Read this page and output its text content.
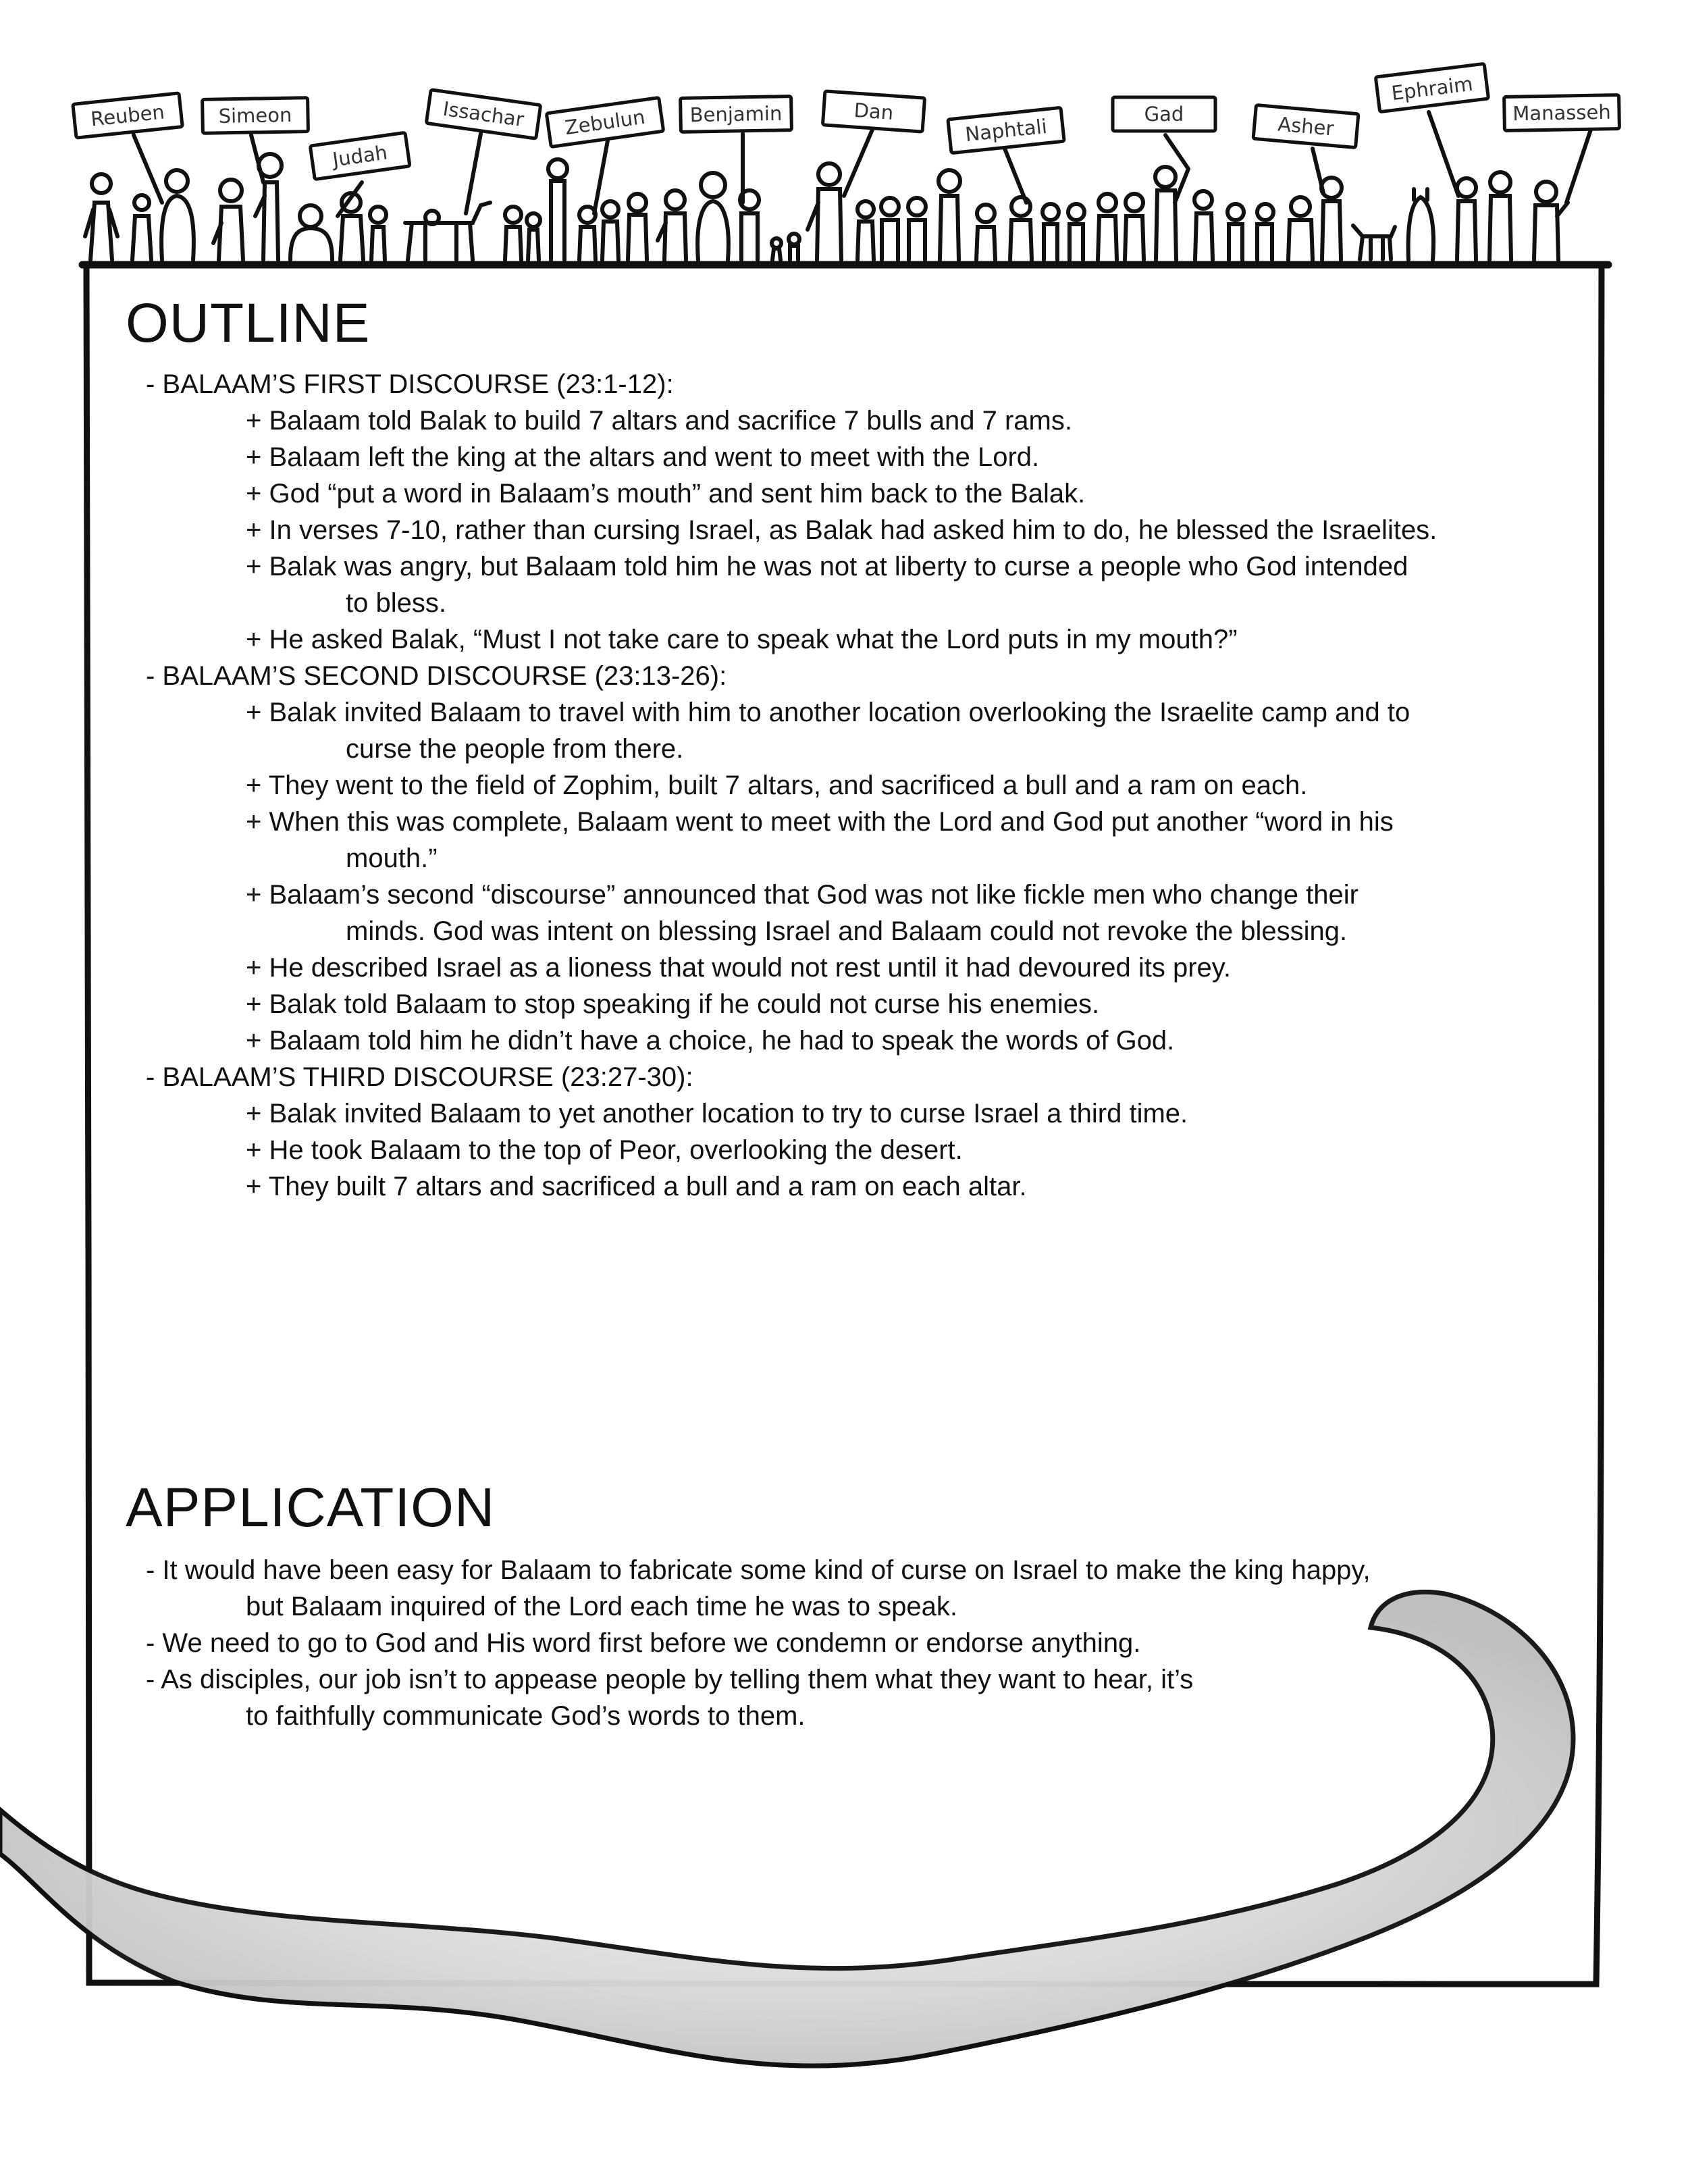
Reuben	Simeon
Judah
Issachar Zebulun Benjamin	Dan
Naphtali
Gad	Asher
Ephraim
Manasseh
OUTLINE
- BALAAM’S FIRST DISCOURSE (23:1-12):
+ Balaam told Balak to build 7 altars and sacrifice 7 bulls and 7 rams.
+ Balaam left the king at the altars and went to meet with the Lord.
+ God “put a word in Balaam’s mouth” and sent him back to the Balak.
+ In verses 7-10, rather than cursing Israel, as Balak had asked him to do, he blessed the Israelites.
+ Balak was angry, but Balaam told him he was not at liberty to curse a people who God intended
to bless.
+ He asked Balak, “Must I not take care to speak what the Lord puts in my mouth?”
- BALAAM’S SECOND DISCOURSE (23:13-26):
+ Balak invited Balaam to travel with him to another location overlooking the Israelite camp and to
curse the people from there.
+ They went to the field of Zophim, built 7 altars, and sacrificed a bull and a ram on each.
+ When this was complete, Balaam went to meet with the Lord and God put another “word in his
mouth.”
+ Balaam’s second “discourse” announced that God was not like fickle men who change their
minds. God was intent on blessing Israel and Balaam could not revoke the blessing.
+ He described Israel as a lioness that would not rest until it had devoured its prey.
+ Balak told Balaam to stop speaking if he could not curse his enemies.
+ Balaam told him he didn’t have a choice, he had to speak the words of God.
- BALAAM’S THIRD DISCOURSE (23:27-30):
+ Balak invited Balaam to yet another location to try to curse Israel a third time.
+ He took Balaam to the top of Peor, overlooking the desert.
+ They built 7 altars and sacrificed a bull and a ram on each altar.
APPLICATION
- It would have been easy for Balaam to fabricate some kind of curse on Israel to make the king happy,
but Balaam inquired of the Lord each time he was to speak.
- We need to go to God and His word first before we condemn or endorse anything.
- As disciples, our job isn’t to appease people by telling them what they want to hear, it’s
to faithfully communicate God’s words to them.
